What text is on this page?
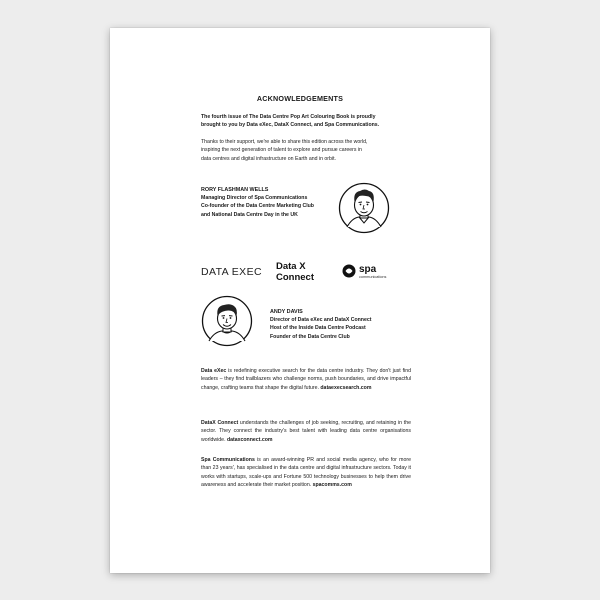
ACKNOWLEDGEMENTS
The fourth issue of The Data Centre Pop Art Colouring Book is proudly
brought to you by Data eXec, DataX Connect, and Spa Communications.
Thanks to their support, we're able to share this edition across the world,
inspiring the next generation of talent to explore and pursue careers in
data centres and digital infrastructure on Earth and in orbit.
RORY FLASHMAN WELLS
Managing Director of Spa Communications
Co-founder of the Data Centre Marketing Club
and National Data Centre Day in the UK
DATA EXEC Data X
Connect
spa
communications
ANDY DAVIS
Director of Data eXec and DataX Connect
Host of the Inside Data Centre Podcast
Founder of the Data Centre Club
Data eXec is redefining executive search for the data centre industry. They don't just find leaders – they find trailblazers who challenge norms, push boundaries, and drive impactful change, crafting teams that shape the digital future. dataexecsearch.com
DataX Connect understands the challenges of job seeking, recruiting, and retaining in the sector. They connect the industry's best talent with leading data centre organisations worldwide. dataxconnect.com
Spa Communications is an award-winning PR and social media agency, who for more than 23 years', has specialised in the data centre and digital infrastructure sectors. Today it works with startups, scale-ups and Fortune 500 technology businesses to help them drive awareness and accelerate their market position. spacomms.com
